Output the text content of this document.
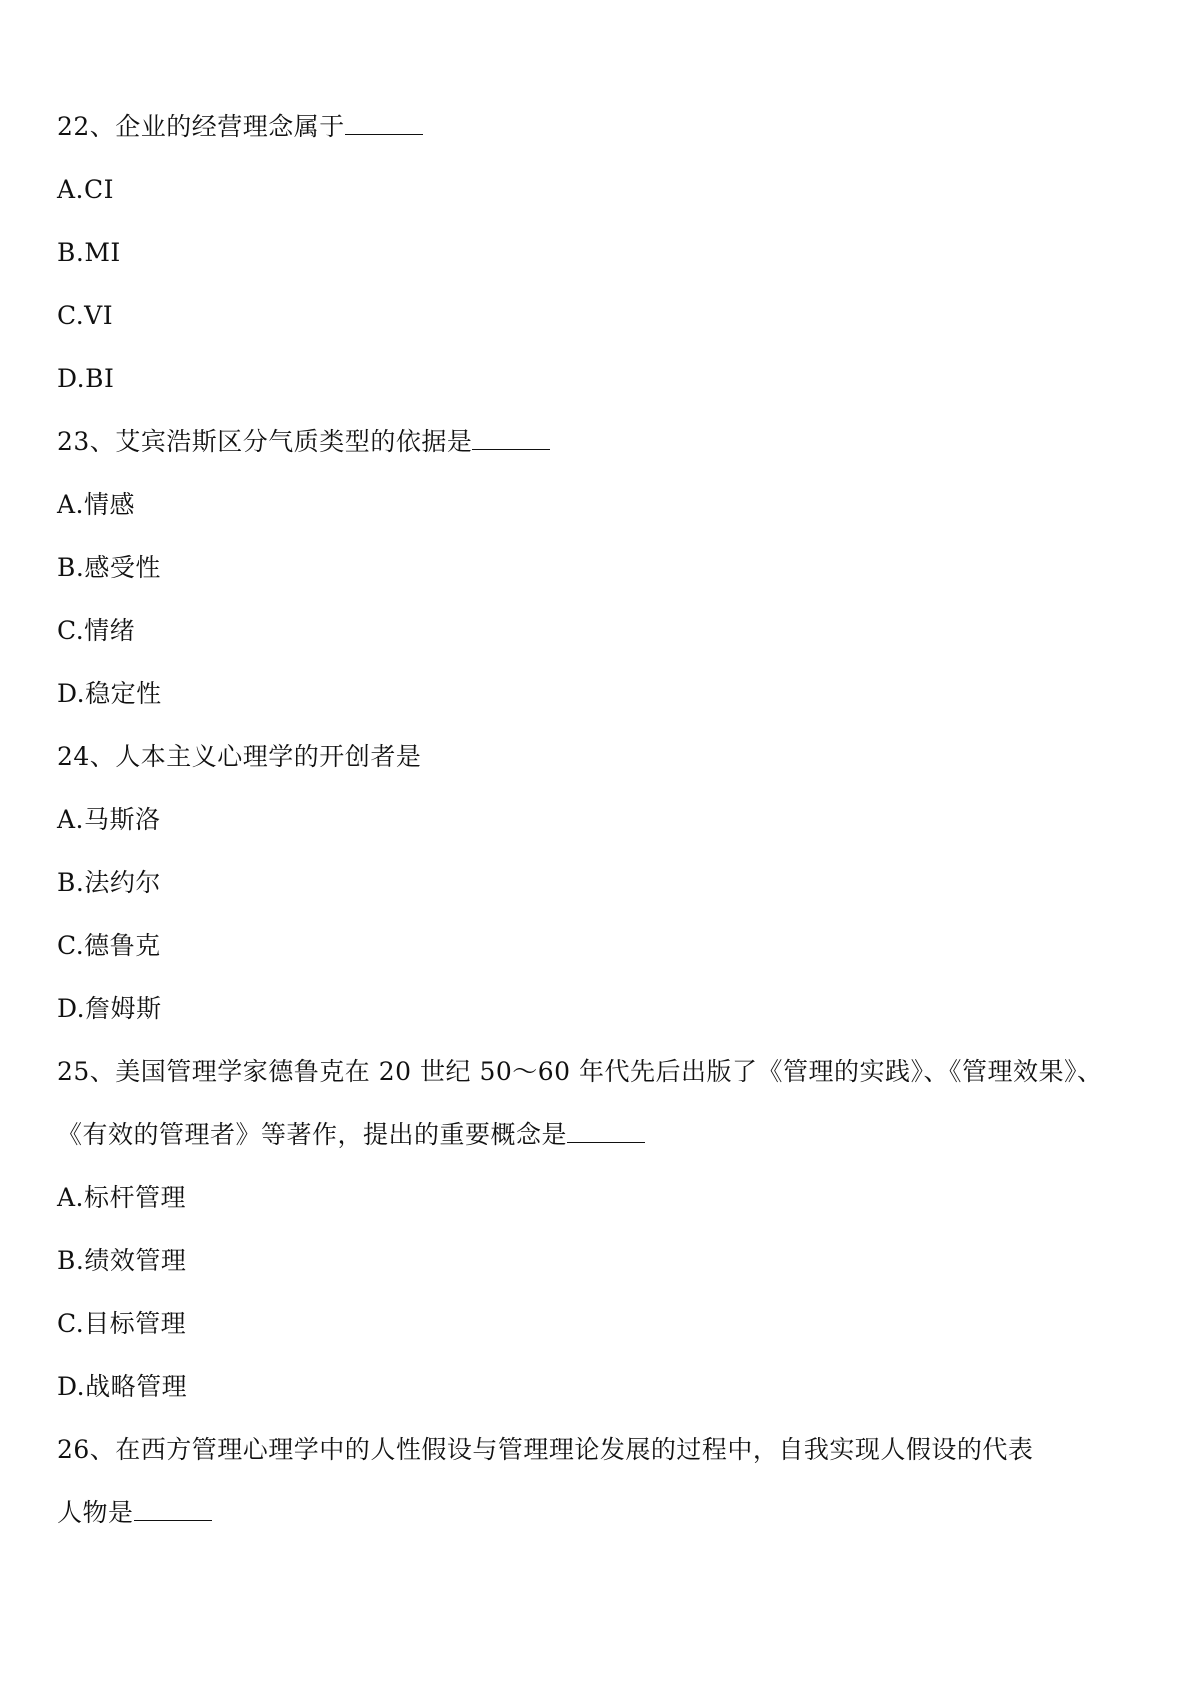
22、企业的经营理念属于
A.CI
B.MI
C.VI
D.BI
23、艾宾浩斯区分气质类型的依据是
A.情感
B.感受性
C.情绪
D.稳定性
24、人本主义心理学的开创者是
A.马斯洛
B.法约尔
C.德鲁克
D.詹姆斯
25、美国管理学家德鲁克在 20 世纪 50～60 年代先后出版了《管理的实践》、《管理效果》、
《有效的管理者》等著作，提出的重要概念是
A.标杆管理
B.绩效管理
C.目标管理
D.战略管理
26、在西方管理心理学中的人性假设与管理理论发展的过程中，自我实现人假设的代表
人物是
